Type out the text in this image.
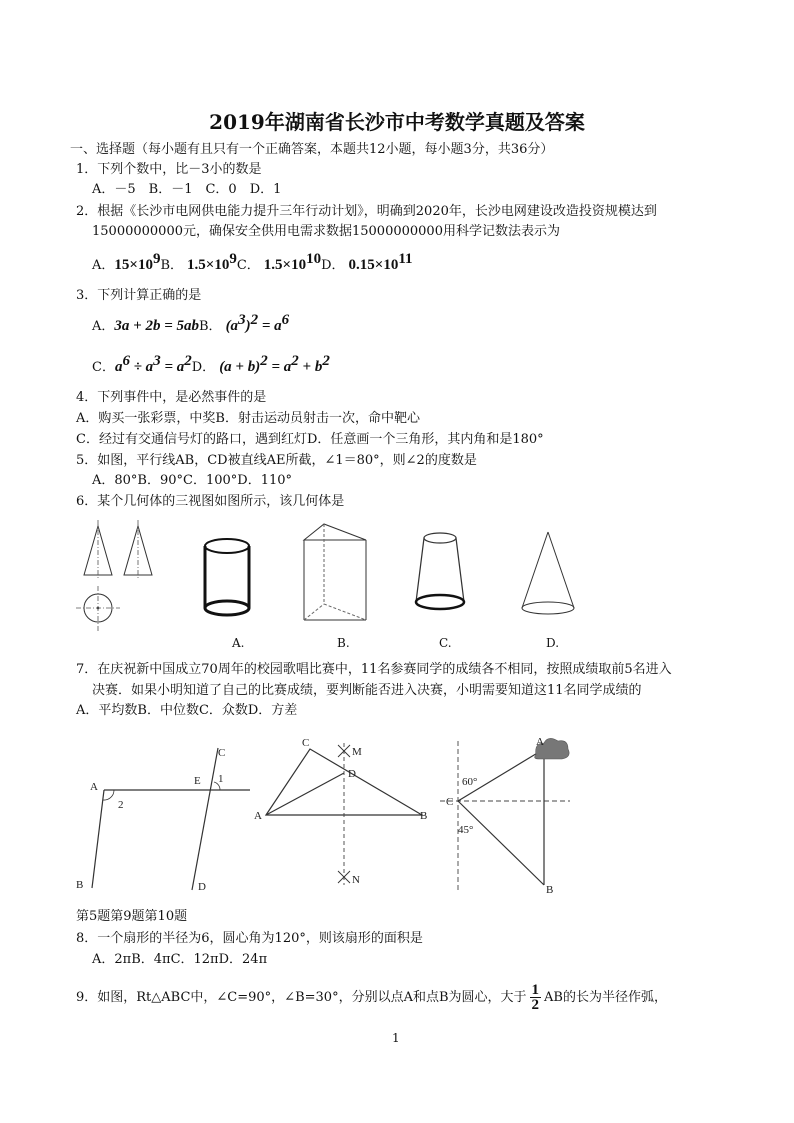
2019年湖南省长沙市中考数学真题及答案
一、选择题（每小题有且只有一个正确答案，本题共12小题，每小题3分，共36分）
1．下列个数中，比－3小的数是
A．－5　B．－1　C．0　D．1
2．根据《长沙市电网供电能力提升三年行动计划》，明确到2020年，长沙电网建设改造投资规模达到
15000000000元，确保安全供用电需求数据15000000000用科学记数法表示为
A．$15\times 10^9B$． $1.5\times 10^9C$． $1.5\times 10^{10}D$． $0.15\times 10^{11}$
3．下列计算正确的是
A．3a + 2b = 5abB． $(a^3)^2 = a^6$
C．$a^6 \div a^3 = a^2D$． $(a + b)^2 = a^2 + b^2$
4．下列事件中，是必然事件的是
A．购买一张彩票，中奖B．射击运动员射击一次，命中靶心
C．经过有交通信号灯的路口，遇到红灯D．任意画一个三角形，其内角和是180°
5．如图，平行线AB，CD被直线AE所截，∠1＝80°，则∠2的度数是
A．80°B．90°C．100°D．110°
6．某个几何体的三视图如图所示，该几何体是
A.	B.	C.	D.
7．在庆祝新中国成立70周年的校园歌唱比赛中，11名参赛同学的成绩各不相同，按照成绩取前5名进入
决赛．如果小明知道了自己的比赛成绩，要判断能否进入决赛，小明需要知道这11名同学成绩的
A．平均数B．中位数C．众数D．方差
A
B
C
D
E 1
2
A	B
C
D
M
N
A
C
B
60°
45°
第5题第9题第10题
8．一个扇形的半径为6，圆心角为120°，则该扇形的面积是
A．2πB．4πC．12πD．24π
9．如图，Rt△ABC中，∠C=90°，∠B=30°，分别以点A和点B为圆心，大于 $\frac{1}{2}$ AB的长为半径作弧，
1
